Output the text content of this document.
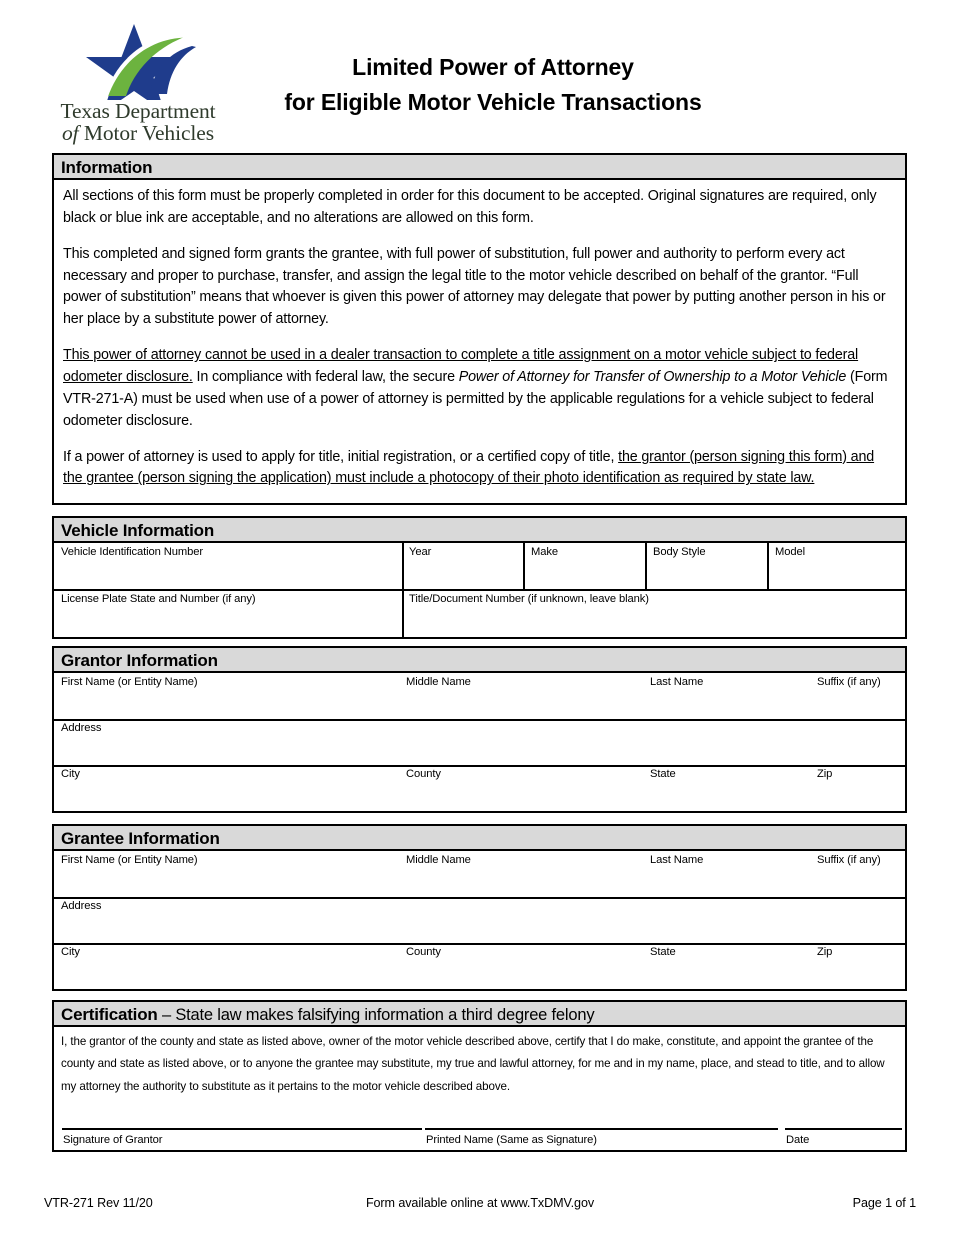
Texas Department
of Motor Vehicles
Limited Power of Attorney
for Eligible Motor Vehicle Transactions
Information

All sections of this form must be properly completed in order for this document to be accepted. Original signatures are required, only black or blue ink are acceptable, and no alterations are allowed on this form.

This completed and signed form grants the grantee, with full power of substitution, full power and authority to perform every act necessary and proper to purchase, transfer, and assign the legal title to the motor vehicle described on behalf of the grantor. “Full power of substitution” means that whoever is given this power of attorney may delegate that power by putting another person in his or her place by a substitute power of attorney.

This power of attorney cannot be used in a dealer transaction to complete a title assignment on a motor vehicle subject to federal odometer disclosure. In compliance with federal law, the secure Power of Attorney for Transfer of Ownership to a Motor Vehicle (Form VTR-271-A) must be used when use of a power of attorney is permitted by the applicable regulations for a vehicle subject to federal odometer disclosure.

If a power of attorney is used to apply for title, initial registration, or a certified copy of title, the grantor (person signing this form) and the grantee (person signing the application) must include a photocopy of their photo identification as required by state law.

Vehicle Information
Vehicle Identification Number	Year	Make	Body Style	Model
License Plate State and Number (if any)	Title/Document Number (if unknown, leave blank)
Grantor Information
First Name (or Entity Name)	Middle Name	Last Name	Suffix (if any)
Address
City	County	State	Zip
Grantee Information
First Name (or Entity Name)	Middle Name	Last Name	Suffix (if any)
Address
City	County	State	Zip
Certification – State law makes falsifying information a third degree felony
I, the grantor of the county and state as listed above, owner of the motor vehicle described above, certify that I do make, constitute, and appoint the grantee of the county and state as listed above, or to anyone the grantee may substitute, my true and lawful attorney, for me and in my name, place, and stead to title, and to allow my attorney the authority to substitute as it pertains to the motor vehicle described above.
Signature of Grantor	Printed Name (Same as Signature)	Date
VTR-271 Rev 11/20	Form available online at www.TxDMV.gov	Page 1 of 1
